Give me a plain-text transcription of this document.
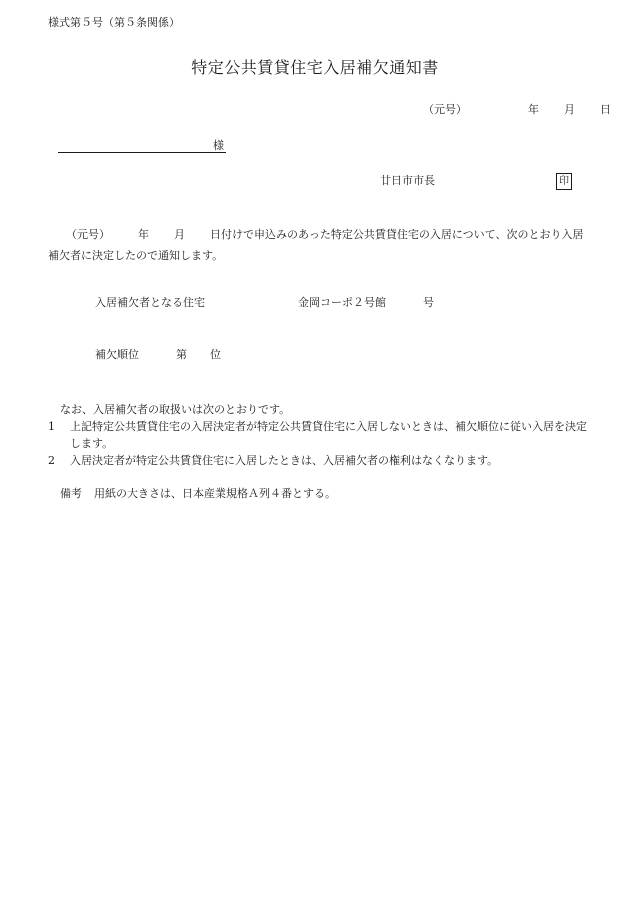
様式第５号（第５条関係）
特定公共賃貸住宅入居補欠通知書
（元号）	年 月 日
様
廿日市市長	印
（元号）	年 月 日付けで申込みのあった特定公共賃貸住宅の入居について、次のとおり入居補欠者に決定したので通知します。
入居補欠者となる住宅	金岡コーポ２号館	号
補欠順位	第 位
なお、入居補欠者の取扱いは次のとおりです。
1	上記特定公共賃貸住宅の入居決定者が特定公共賃貸住宅に入居しないときは、補欠順位に従い入居を決定します。
2	入居決定者が特定公共賃貸住宅に入居したときは、入居補欠者の権利はなくなります。
備考 用紙の大きさは、日本産業規格Ａ列４番とする。
